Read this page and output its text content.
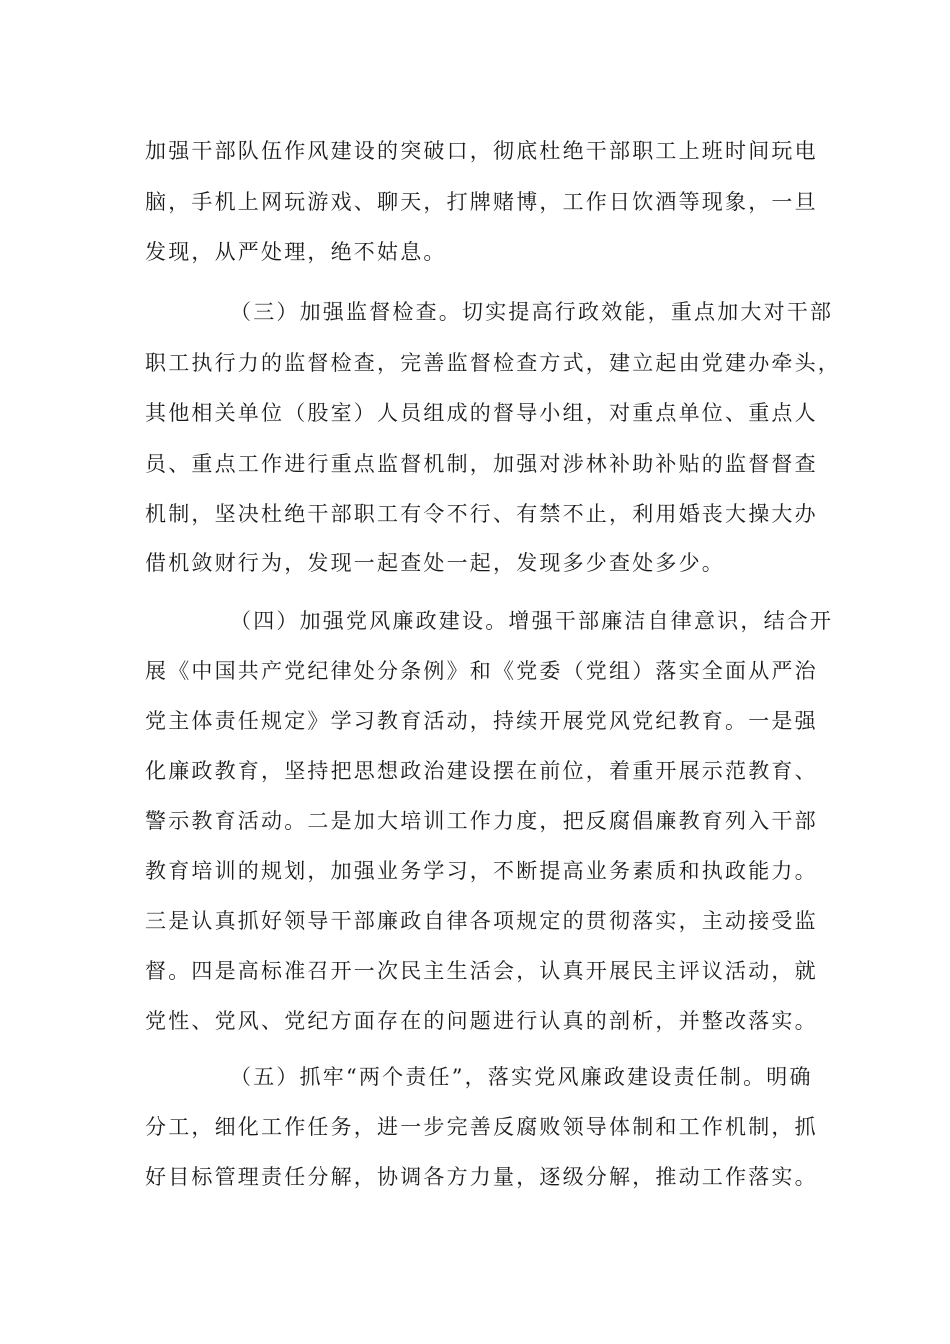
加强干部队伍作风建设的突破口，彻底杜绝干部职工上班时间玩电
脑，手机上网玩游戏、聊天，打牌赌博，工作日饮酒等现象，一旦
发现，从严处理，绝不姑息。
（三）加强监督检查。切实提高行政效能，重点加大对干部
职工执行力的监督检查，完善监督检查方式，建立起由党建办牵头，
其他相关单位（股室）人员组成的督导小组，对重点单位、重点人
员、重点工作进行重点监督机制，加强对涉林补助补贴的监督督查
机制，坚决杜绝干部职工有令不行、有禁不止，利用婚丧大操大办
借机敛财行为，发现一起查处一起，发现多少查处多少。
（四）加强党风廉政建设。增强干部廉洁自律意识，结合开
展《中国共产党纪律处分条例》和《党委（党组）落实全面从严治
党主体责任规定》学习教育活动，持续开展党风党纪教育。一是强
化廉政教育，坚持把思想政治建设摆在前位，着重开展示范教育、
警示教育活动。二是加大培训工作力度，把反腐倡廉教育列入干部
教育培训的规划，加强业务学习，不断提高业务素质和执政能力。
三是认真抓好领导干部廉政自律各项规定的贯彻落实，主动接受监
督。四是高标准召开一次民主生活会，认真开展民主评议活动，就
党性、党风、党纪方面存在的问题进行认真的剖析，并整改落实。
（五）抓牢“两个责任”，落实党风廉政建设责任制。明确
分工，细化工作任务，进一步完善反腐败领导体制和工作机制，抓
好目标管理责任分解，协调各方力量，逐级分解，推动工作落实。
